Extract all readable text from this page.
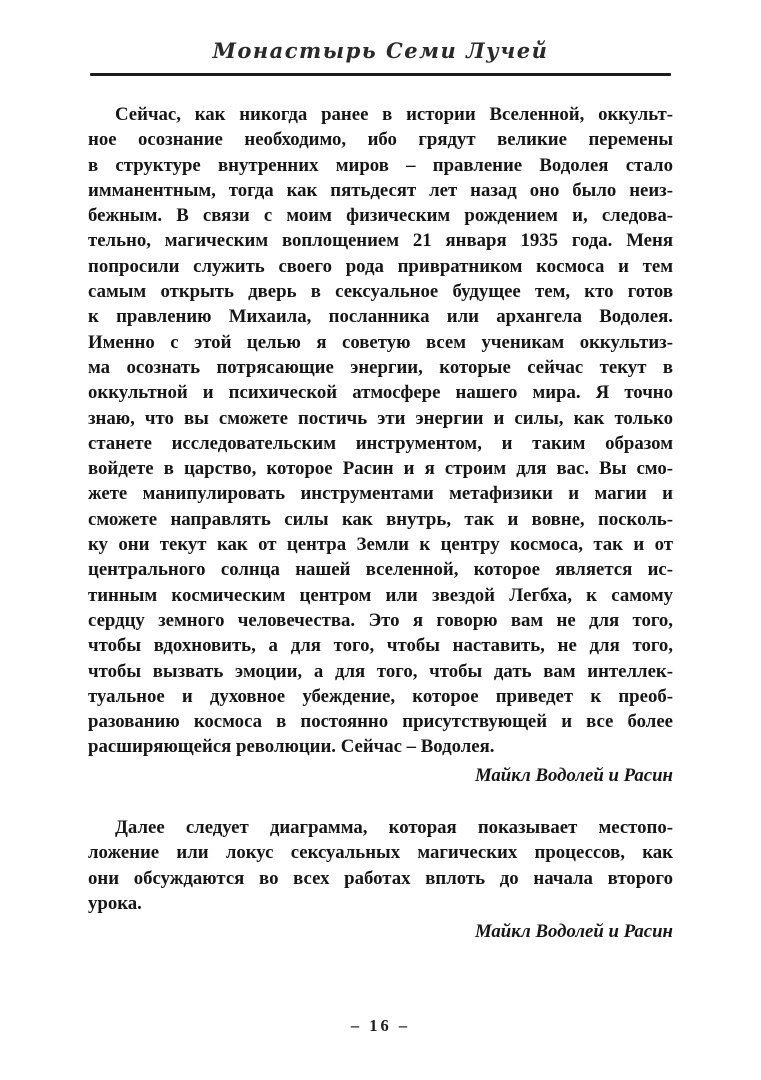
Монастырь Семи Лучей
Сейчас, как никогда ранее в истории Вселенной, оккульт-
ное осознание необходимо, ибо грядут великие перемены
в структуре внутренних миров – правление Водолея стало
имманентным, тогда как пятьдесят лет назад оно было неиз-
бежным. В связи с моим физическим рождением и, следова-
тельно, магическим воплощением 21 января 1935 года. Меня
попросили служить своего рода привратником космоса и тем
самым открыть дверь в сексуальное будущее тем, кто готов
к правлению Михаила, посланника или архангела Водолея.
Именно с этой целью я советую всем ученикам оккультиз-
ма осознать потрясающие энергии, которые сейчас текут в
оккультной и психической атмосфере нашего мира. Я точно
знаю, что вы сможете постичь эти энергии и силы, как только
станете исследовательским инструментом, и таким образом
войдете в царство, которое Расин и я строим для вас. Вы смо-
жете манипулировать инструментами метафизики и магии и
сможете направлять силы как внутрь, так и вовне, посколь-
ку они текут как от центра Земли к центру космоса, так и от
центрального солнца нашей вселенной, которое является ис-
тинным космическим центром или звездой Легбха, к самому
сердцу земного человечества. Это я говорю вам не для того,
чтобы вдохновить, а для того, чтобы наставить, не для того,
чтобы вызвать эмоции, а для того, чтобы дать вам интеллек-
туальное и духовное убеждение, которое приведет к преоб-
разованию космоса в постоянно присутствующей и все более
расширяющейся революции. Сейчас – Водолея.
Майкл Водолей и Расин
Далее следует диаграмма, которая показывает местопо-
ложение или локус сексуальных магических процессов, как
они обсуждаются во всех работах вплоть до начала второго
урока.
Майкл Водолей и Расин
– 16 –
